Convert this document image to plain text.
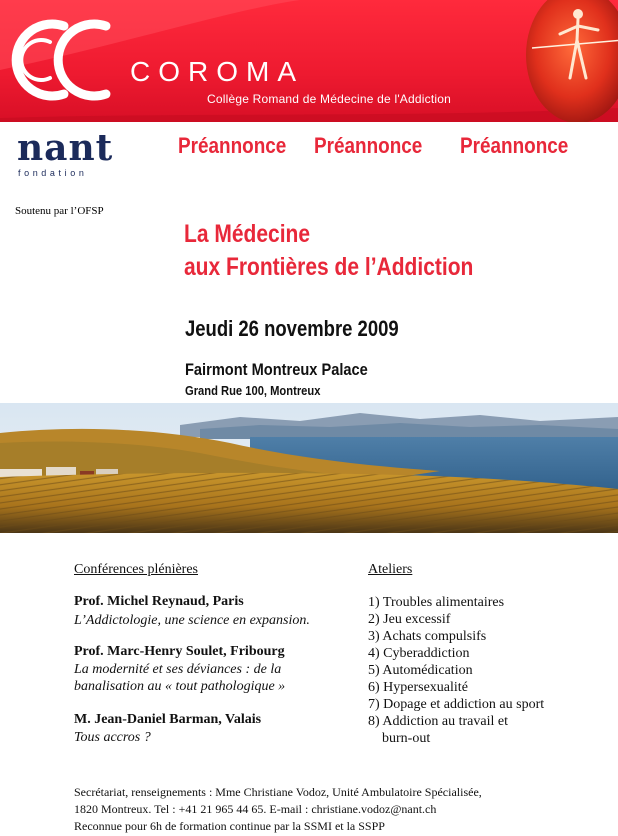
COROMA
Collège Romand de Médecine de l'Addiction
nant
fondation
Préannonce Préannonce Préannonce
Soutenu par l’OFSP
La Médecine
aux Frontières de l’Addiction
Jeudi 26 novembre 2009
Fairmont Montreux Palace
Grand Rue 100, Montreux
Conférences plénières
Prof. Michel Reynaud, Paris
L’Addictologie, une science en expansion.
Prof. Marc-Henry Soulet, Fribourg
La modernité et ses déviances : de la
banalisation au « tout pathologique »
M. Jean-Daniel Barman, Valais
Tous accros ?
Ateliers
1) Troubles alimentaires
2) Jeu excessif
3) Achats compulsifs
4) Cyberaddiction
5) Automédication
6) Hypersexualité
7) Dopage et addiction au sport
8) Addiction au travail et
burn-out
Secrétariat, renseignements : Mme Christiane Vodoz, Unité Ambulatoire Spécialisée,
1820 Montreux. Tel : +41 21 965 44 65. E-mail : christiane.vodoz@nant.ch
Reconnue pour 6h de formation continue par la SSMI et la SSPP
